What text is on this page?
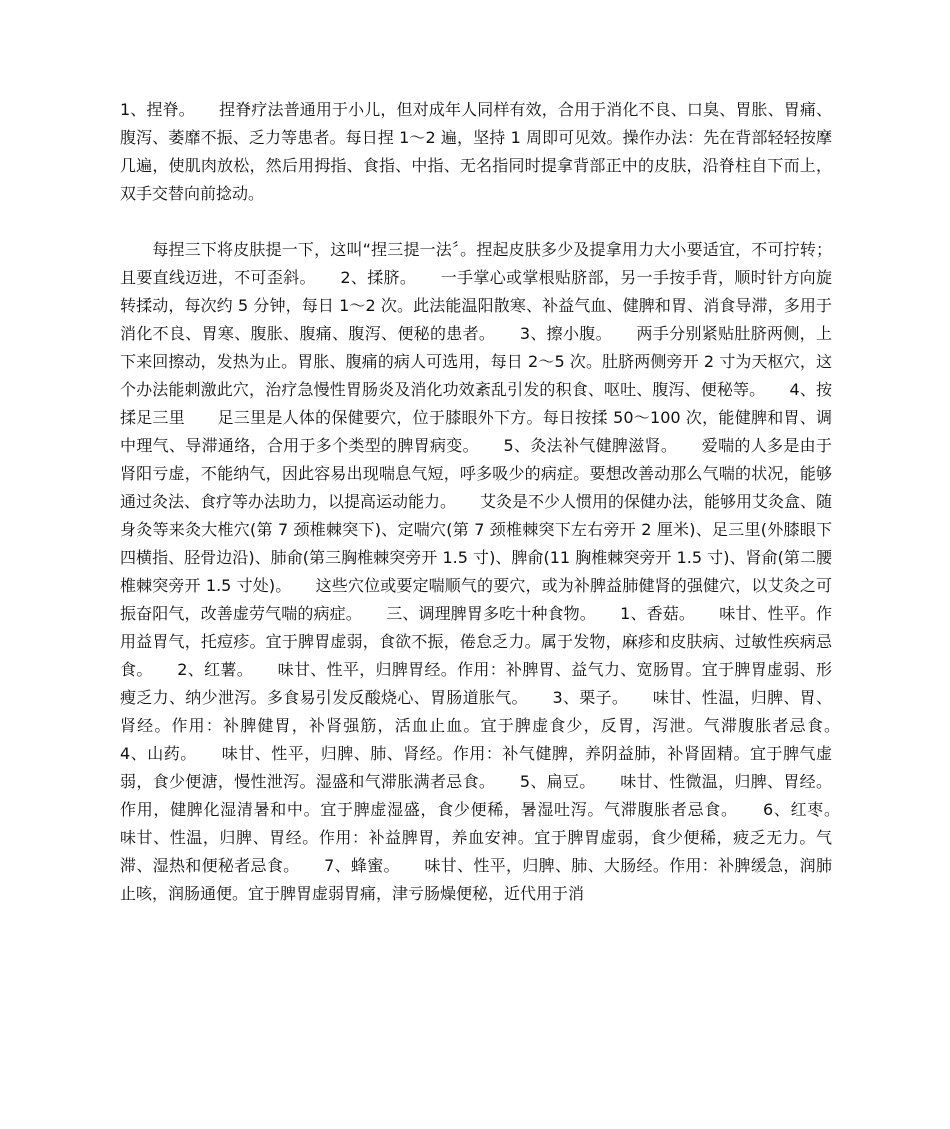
1、捏脊。　　捏脊疗法普通用于小儿，但对成年人同样有效，合用于消化不良、口臭、胃胀、胃痛、腹泻、萎靡不振、乏力等患者。每日捏 1～2 遍，坚持 1 周即可见效。操作办法：先在背部轻轻按摩几遍，使肌肉放松，然后用拇指、食指、中指、无名指同时提拿背部正中的皮肤，沿脊柱自下而上，双手交替向前捻动。

　　每捏三下将皮肤提一下，这叫“捏三提一法〞。捏起皮肤多少及提拿用力大小要适宜，不可拧转；且要直线迈进，不可歪斜。　　2、揉脐。　　一手掌心或掌根贴脐部，另一手按手背，顺时针方向旋转揉动，每次约 5 分钟，每日 1～2 次。此法能温阳散寒、补益气血、健脾和胃、消食导滞，多用于消化不良、胃寒、腹胀、腹痛、腹泻、便秘的患者。　　3、擦小腹。　　两手分别紧贴肚脐两侧，上下来回擦动，发热为止。胃胀、腹痛的病人可选用，每日 2～5 次。肚脐两侧旁开 2 寸为天枢穴，这个办法能刺激此穴，治疗急慢性胃肠炎及消化功效紊乱引发的积食、呕吐、腹泻、便秘等。　　4、按揉足三里　　足三里是人体的保健要穴，位于膝眼外下方。每日按揉 50～100 次，能健脾和胃、调中理气、导滞通络，合用于多个类型的脾胃病变。　　5、灸法补气健脾滋肾。　　爱喘的人多是由于肾阳亏虚，不能纳气，因此容易出现喘息气短，呼多吸少的病症。要想改善动那么气喘的状况，能够通过灸法、食疗等办法助力，以提高运动能力。　　艾灸是不少人惯用的保健办法，能够用艾灸盒、随身灸等来灸大椎穴(第 7 颈椎棘突下)、定喘穴(第 7 颈椎棘突下左右旁开 2 厘米)、足三里(外膝眼下四横指、胫骨边沿)、肺俞(第三胸椎棘突旁开 1.5 寸)、脾俞(11 胸椎棘突旁开 1.5 寸)、肾俞(第二腰椎棘突旁开 1.5 寸处)。　　这些穴位或要定喘顺气的要穴，或为补脾益肺健肾的强健穴，以艾灸之可振奋阳气，改善虚劳气喘的病症。　　三、调理脾胃多吃十种食物。　　1、香菇。　　味甘、性平。作用益胃气，托痘疹。宜于脾胃虚弱，食欲不振，倦怠乏力。属于发物，麻疹和皮肤病、过敏性疾病忌食。　　2、红薯。　　味甘、性平，归脾胃经。作用：补脾胃、益气力、宽肠胃。宜于脾胃虚弱、形瘦乏力、纳少泄泻。多食易引发反酸烧心、胃肠道胀气。　　3、栗子。　　味甘、性温，归脾、胃、肾经。作用：补脾健胃，补肾强筋，活血止血。宜于脾虚食少，反胃，泻泄。气滞腹胀者忌食。　　4、山药。　　味甘、性平，归脾、肺、肾经。作用：补气健脾，养阴益肺，补肾固精。宜于脾气虚弱，食少便溏，慢性泄泻。湿盛和气滞胀满者忌食。　　5、扁豆。　　味甘、性微温，归脾、胃经。作用，健脾化湿清暑和中。宜于脾虚湿盛，食少便稀，暑湿吐泻。气滞腹胀者忌食。　　6、红枣。　　味甘、性温，归脾、胃经。作用：补益脾胃，养血安神。宜于脾胃虚弱，食少便稀，疲乏无力。气滞、湿热和便秘者忌食。　　7、蜂蜜。　　味甘、性平，归脾、肺、大肠经。作用：补脾缓急，润肺止咳，润肠通便。宜于脾胃虚弱胃痛，津亏肠燥便秘，近代用于消
